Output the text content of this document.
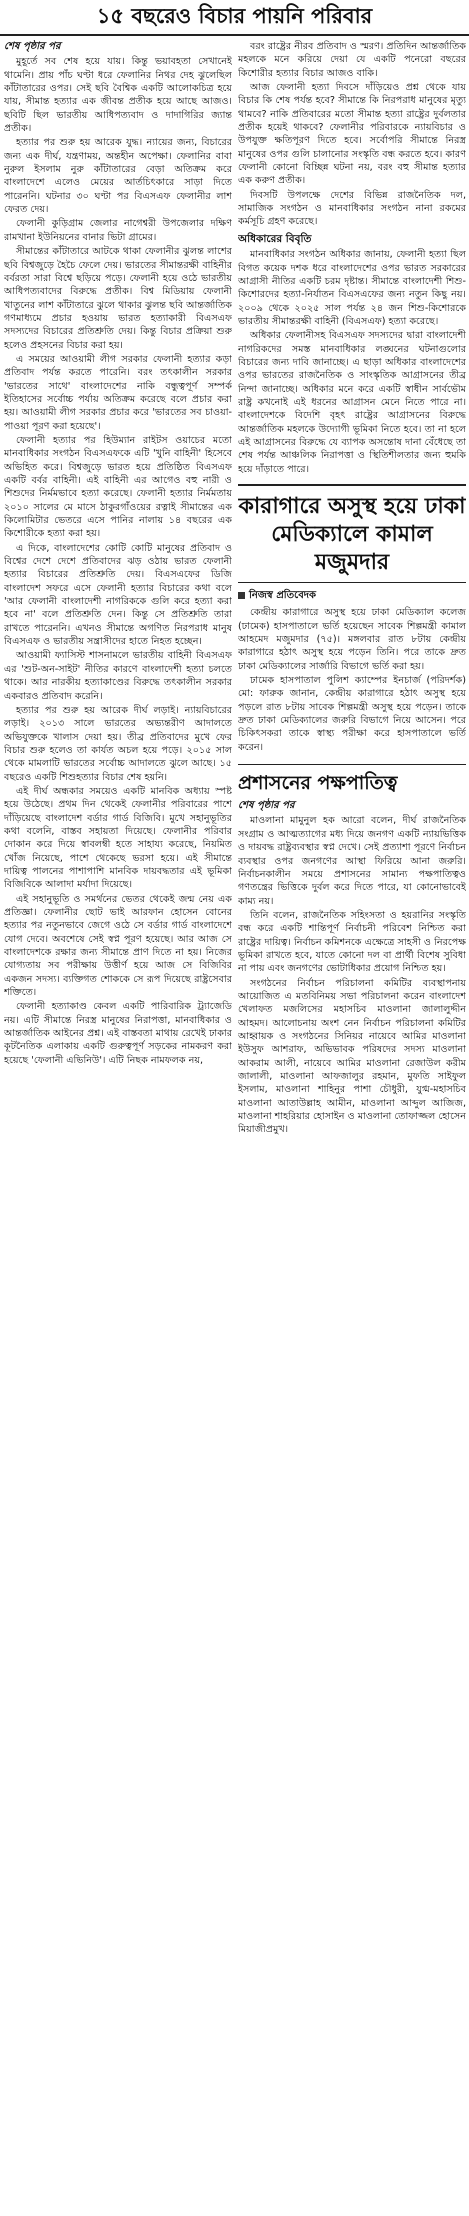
১৫ বছরেও বিচার পায়নি পরিবার
শেষ পৃষ্ঠার পর

মুহূর্তে সব শেষ হয়ে যায়। কিন্তু ভয়াবহতা সেখানেই থামেনি। প্রায় পাঁচ ঘণ্টা ধরে ফেলানির নিথর দেহ ঝুলেছিল কাঁটাতারের ওপর। সেই ছবি বৈশ্বিক একটি আলোকচিত্র হয়ে যায়, সীমান্ত হত্যার এক জীবন্ত প্রতীক হয়ে আছে আজও। ছবিটি ছিল ভারতীয় আধিপত্যবাদ ও দাদাগিরির জ্যান্ত প্রতীক।

হত্যার পর শুরু হয় আরেক যুদ্ধ। ন্যায়ের জন্য, বিচারের জন্য এক দীর্ঘ, যন্ত্রণাময়, অন্তহীন অপেক্ষা। ফেলানির বাবা নুরুল ইসলাম নুরু কাঁটাতারের বেড়া অতিক্রম করে বাংলাদেশে এলেও মেয়ের আর্তচিৎকারে সাড়া দিতে পারেননি। ঘটনার ৩০ ঘণ্টা পর বিএসএফ ফেলানীর লাশ ফেরত দেয়।

ফেলানী কুড়িগ্রাম জেলার নাগেশ্বরী উপজেলার দক্ষিণ রামখানা ইউনিয়নের বানার ভিটা গ্রামের।

সীমান্তের কাঁটাতারে আটকে থাকা ফেলানীর ঝুলন্ত লাশের ছবি বিশ্বজুড়ে হৈচৈ ফেলে দেয়। ভারতের সীমান্তরক্ষী বাহিনীর বর্বরতা সারা বিশ্বে ছড়িয়ে পড়ে। ফেলানী হয়ে ওঠে ভারতীয় আধিপত্যবাদের বিরুদ্ধে প্রতীক। বিশ্ব মিডিয়ায় ফেলানী খাতুনের লাশ কাঁটাতারে ঝুলে থাকার ঝুলন্ত ছবি আন্তর্জাতিক গণমাধ্যমে প্রচার হওয়ায় ভারত হত্যাকারী বিএসএফ সদস্যদের বিচারের প্রতিশ্রুতি দেয়। কিন্তু বিচার প্রক্রিয়া শুরু হলেও প্রহসনের বিচার করা হয়।

এ সময়ের আওয়ামী লীগ সরকার ফেলানী হত্যার কড়া প্রতিবাদ পর্যন্ত করতে পারেনি। বরং তৎকালীন সরকার 'ভারতের সাথে' বাংলাদেশের নাকি বন্ধুত্বপূর্ণ সম্পর্ক ইতিহাসের সর্বোচ্চ পর্যায় অতিক্রম করেছে বলে প্রচার করা হয়। আওয়ামী লীগ সরকার প্রচার করে 'ভারতের সব চাওয়া-পাওয়া পূরণ করা হয়েছে'।

ফেলানী হত্যার পর হিউম্যান রাইটস ওয়াচের মতো মানবাধিকার সংগঠন বিএসএফকে এটি 'খুনি বাহিনী' হিসেবে অভিহিত করে। বিশ্বজুড়ে ভারত হয়ে প্রতিষ্ঠিত বিএসএফ একটি বর্বর বাহিনী। এই বাহিনী এর আগেও বহু নারী ও শিশুদের নির্মমভাবে হত্যা করেছে। ফেলানী হত্যার নির্মমতায় ২০১০ সালের মে মাসে ঠাকুরগাঁওয়ের রত্নাই সীমান্তের এক কিলোমিটার ভেতরে এসে পানির নালায় ১৪ বছরের এক কিশোরীকে হত্যা করা হয়।

এ দিকে, বাংলাদেশের কোটি কোটি মানুষের প্রতিবাদ ও বিশ্বের দেশে দেশে প্রতিবাদের ঝড় ওঠায় ভারত ফেলানী হত্যার বিচারের প্রতিশ্রুতি দেয়। বিএসএফের ডিজি বাংলাদেশ সফরে এসে ফেলানী হত্যার বিচারের কথা বলে 'আর ফেলানী বাংলাদেশী নাগরিককে গুলি করে হত্যা করা হবে না' বলে প্রতিশ্রুতি দেন। কিন্তু সে প্রতিশ্রুতি তারা রাখতে পারেননি। এখনও সীমান্তে অগণিত নিরপরাধ মানুষ বিএসএফ ও ভারতীয় সন্ত্রাসীদের হাতে নিহত হচ্ছেন।

আওয়ামী ফ্যাসিস্ট শাসনামলে ভারতীয় বাহিনী বিএসএফ এর 'শুট-অন-সাইট' নীতির কারণে বাংলাদেশী হত্যা চলতে থাকে। আর নারকীয় হত্যাকাণ্ডের বিরুদ্ধে তৎকালীন সরকার একবারও প্রতিবাদ করেনি।

হত্যার পর শুরু হয় আরেক দীর্ঘ লড়াই। ন্যায়বিচারের লড়াই। ২০১৩ সালে ভারতের অভ্যন্তরীণ আদালতে অভিযুক্তকে খালাস দেয়া হয়। তীব্র প্রতিবাদের মুখে ফের বিচার শুরু হলেও তা কার্যত অচল হয়ে পড়ে। ২০১৫ সাল থেকে মামলাটি ভারতের সর্বোচ্চ আদালতে ঝুলে আছে। ১৫ বছরেও একটি শিশুহত্যার বিচার শেষ হয়নি।

এই দীর্ঘ অন্ধকার সময়েও একটি মানবিক অধ্যায় স্পষ্ট হয়ে উঠেছে। প্রথম দিন থেকেই ফেলানীর পরিবারের পাশে দাঁড়িয়েছে বাংলাদেশ বর্ডার গার্ড বিজিবি। মুখে সহানুভূতির কথা বলেনি, বাস্তব সহায়তা দিয়েছে। ফেলানীর পরিবার দোকান করে দিয়ে স্বাবলম্বী হতে সাহায্য করেছে, নিয়মিত খোঁজ নিয়েছে, পাশে থেকেছে ভরসা হয়ে। এই সীমান্তে দায়িত্ব পালনের পাশাপাশি মানবিক দায়বদ্ধতার এই ভূমিকা বিজিবিকে আলাদা মর্যাদা দিয়েছে।

এই সহানুভূতি ও সমর্থনের ভেতর থেকেই জন্ম নেয় এক প্রতিজ্ঞা। ফেলানীর ছোট ভাই আরফান হোসেন বোনের হত্যার পর নতুনভাবে জেগে ওঠে সে বর্ডার গার্ড বাংলাদেশে যোগ দেবে। অবশেষে সেই স্বপ্ন পূরণ হয়েছে। আর আজ সে বাংলাদেশকে রক্ষার জন্য সীমান্তে প্রাণ দিতে না হয়। নিজের যোগ্যতায় সব পরীক্ষায় উত্তীর্ণ হয়ে আজ সে বিজিবির একজন সদস্য। ব্যক্তিগত শোককে সে রূপ দিয়েছে রাষ্ট্রসেবার শক্তিতে।

ফেলানী হত্যাকাণ্ড কেবল একটি পারিবারিক ট্র্যাজেডি নয়। এটি সীমান্তে নিরস্ত্র মানুষের নিরাপত্তা, মানবাধিকার ও আন্তর্জাতিক আইনের প্রশ্ন। এই বাস্তবতা মাথায় রেখেই ঢাকার কূটনৈতিক এলাকায় একটি গুরুত্বপূর্ণ সড়কের নামকরণ করা হয়েছে 'ফেলানী এভিনিউ'। এটি নিছক নামফলক নয়,

বরং রাষ্ট্রের নীরব প্রতিবাদ ও স্মরণ। প্রতিদিন আন্তর্জাতিক মহলকে মনে করিয়ে দেয়া যে একটি পনেরো বছরের কিশোরীর হত্যার বিচার আজও বাকি।

আজ ফেলানী হত্যা দিবসে দাঁড়িয়েও প্রশ্ন থেকে যায় বিচার কি শেষ পর্যন্ত হবে? সীমান্তে কি নিরপরাধ মানুষের মৃত্যু থামবে? নাকি প্রতিবারের মতো সীমান্ত হত্যা রাষ্ট্রের দুর্বলতার প্রতীক হয়েই থাকবে? ফেলানীর পরিবারকে ন্যায়বিচার ও উপযুক্ত ক্ষতিপূরণ দিতে হবে। সর্বোপরি সীমান্তে নিরস্ত্র মানুষের ওপর গুলি চালানোর সংস্কৃতি বন্ধ করতে হবে। কারণ ফেলানী কোনো বিচ্ছিন্ন ঘটনা নয়, বরং বহু সীমান্ত হত্যার এক করুণ প্রতীক।

দিবসটি উপলক্ষে দেশের বিভিন্ন রাজনৈতিক দল, সামাজিক সংগঠন ও মানবাধিকার সংগঠন নানা রকমের কর্মসূচি গ্রহণ করেছে।

অধিকারের বিবৃতি

মানবাধিকার সংগঠন অধিকার জানায়, ফেলানী হত্যা ছিল বিগত কয়েক দশক ধরে বাংলাদেশের ওপর ভারত সরকারের আগ্রাসী নীতির একটি চরম দৃষ্টান্ত। সীমান্তে বাংলাদেশী শিশু-কিশোরদের হত্যা-নির্যাতন বিএসএফের জন্য নতুন কিছু নয়। ২০০৯ থেকে ২০২৫ সাল পর্যন্ত ২৪ জন শিশু-কিশোরকে ভারতীয় সীমান্তরক্ষী বাহিনী (বিএসএফ) হত্যা করেছে।

অধিকার ফেলানীসহ বিএসএফ সদস্যদের দ্বারা বাংলাদেশী নাগরিকদের সমস্ত মানবাধিকার লঙ্ঘনের ঘটনাগুলোর বিচারের জন্য দাবি জানাচ্ছে। এ ছাড়া অধিকার বাংলাদেশের ওপর ভারতের রাজনৈতিক ও সাংস্কৃতিক আগ্রাসনের তীব্র নিন্দা জানাচ্ছে। অধিকার মনে করে একটি স্বাধীন সার্বভৌম রাষ্ট্র কখনোই এই ধরনের আগ্রাসন মেনে নিতে পারে না। বাংলাদেশকে বিদেশি বৃহৎ রাষ্ট্রের আগ্রাসনের বিরুদ্ধে আন্তর্জাতিক মহলকে উদ্যোগী ভূমিকা নিতে হবে। তা না হলে এই আগ্রাসনের বিরুদ্ধে যে ব্যাপক অসন্তোষ দানা বেঁধেছে তা শেষ পর্যন্ত আঞ্চলিক নিরাপত্তা ও স্থিতিশীলতার জন্য হুমকি হয়ে দাঁড়াতে পারে।

কারাগারে অসুস্থ হয়ে ঢাকা মেডিক্যালে কামাল মজুমদার
নিজস্ব প্রতিবেদক

কেন্দ্রীয় কারাগারে অসুস্থ হয়ে ঢাকা মেডিক্যাল কলেজ (ঢামেক) হাসপাতালে ভর্তি হয়েছেন সাবেক শিল্পমন্ত্রী কামাল আহমেদ মজুমদার (৭৫)। মঙ্গলবার রাত ৮টায় কেন্দ্রীয় কারাগারে হঠাৎ অসুস্থ হয়ে পড়েন তিনি। পরে তাকে দ্রুত ঢাকা মেডিক্যালের সার্জারি বিভাগে ভর্তি করা হয়।

ঢামেক হাসপাতাল পুলিশ ক্যাম্পের ইনচার্জ (পরিদর্শক) মো: ফারুক জানান, কেন্দ্রীয় কারাগারে হঠাৎ অসুস্থ হয়ে পড়লে রাত ৮টায় সাবেক শিল্পমন্ত্রী অসুস্থ হয়ে পড়েন। তাকে দ্রুত ঢাকা মেডিক্যালের জরুরি বিভাগে নিয়ে আসেন। পরে চিকিৎসকরা তাকে স্বাস্থ্য পরীক্ষা করে হাসপাতালে ভর্তি করেন।

প্রশাসনের পক্ষপাতিত্ব
শেষ পৃষ্ঠার পর

মাওলানা মামুনুল হক আরো বলেন, দীর্ঘ রাজনৈতিক সংগ্রাম ও আত্মত্যাগের মধ্য দিয়ে জনগণ একটি ন্যায়ভিত্তিক ও দায়বদ্ধ রাষ্ট্রব্যবস্থার স্বপ্ন দেখে। সেই প্রত্যাশা পূরণে নির্বাচন ব্যবস্থার ওপর জনগণের আস্থা ফিরিয়ে আনা জরুরি। নির্বাচনকালীন সময়ে প্রশাসনের সামান্য পক্ষপাতিত্বও গণতন্ত্রের ভিত্তিকে দুর্বল করে দিতে পারে, যা কোনোভাবেই কাম্য নয়।

তিনি বলেন, রাজনৈতিক সহিংসতা ও হয়রানির সংস্কৃতি বন্ধ করে একটি শান্তিপূর্ণ নির্বাচনী পরিবেশ নিশ্চিত করা রাষ্ট্রের দায়িত্ব। নির্বাচন কমিশনকে এক্ষেত্রে সাহসী ও নিরপেক্ষ ভূমিকা রাখতে হবে, যাতে কোনো দল বা প্রার্থী বিশেষ সুবিধা না পায় এবং জনগণের ভোটাধিকার প্রয়োগ নিশ্চিত হয়।

সংগঠনের নির্বাচন পরিচালনা কমিটির ব্যবস্থাপনায় আয়োজিত এ মতবিনিময় সভা পরিচালনা করেন বাংলাদেশ খেলাফত মজলিসের মহাসচিব মাওলানা জালালুদ্দীন আহমদ। আলোচনায় অংশ নেন নির্বাচন পরিচালনা কমিটির আহ্বায়ক ও সংগঠনের সিনিয়র নায়েবে আমির মাওলানা ইউসুফ আশরাফ, অভিভাবক পরিষদের সদস্য মাওলানা আকরাম আলী, নায়েবে আমির মাওলানা রেজাউল করীম জালালী, মাওলানা আফজালুর রহমান, মুফতি সাইফুল ইসলাম, মাওলানা শাহিনুর পাশা চৌধুরী, যুগ্ম-মহাসচিব মাওলানা আতাউল্লাহ আমীন, মাওলানা আব্দুল আজিজ, মাওলানা শাহরিয়ার হোসাইন ও মাওলানা তোফাজ্জল হোসেন মিয়াজীপ্রমুখ।
